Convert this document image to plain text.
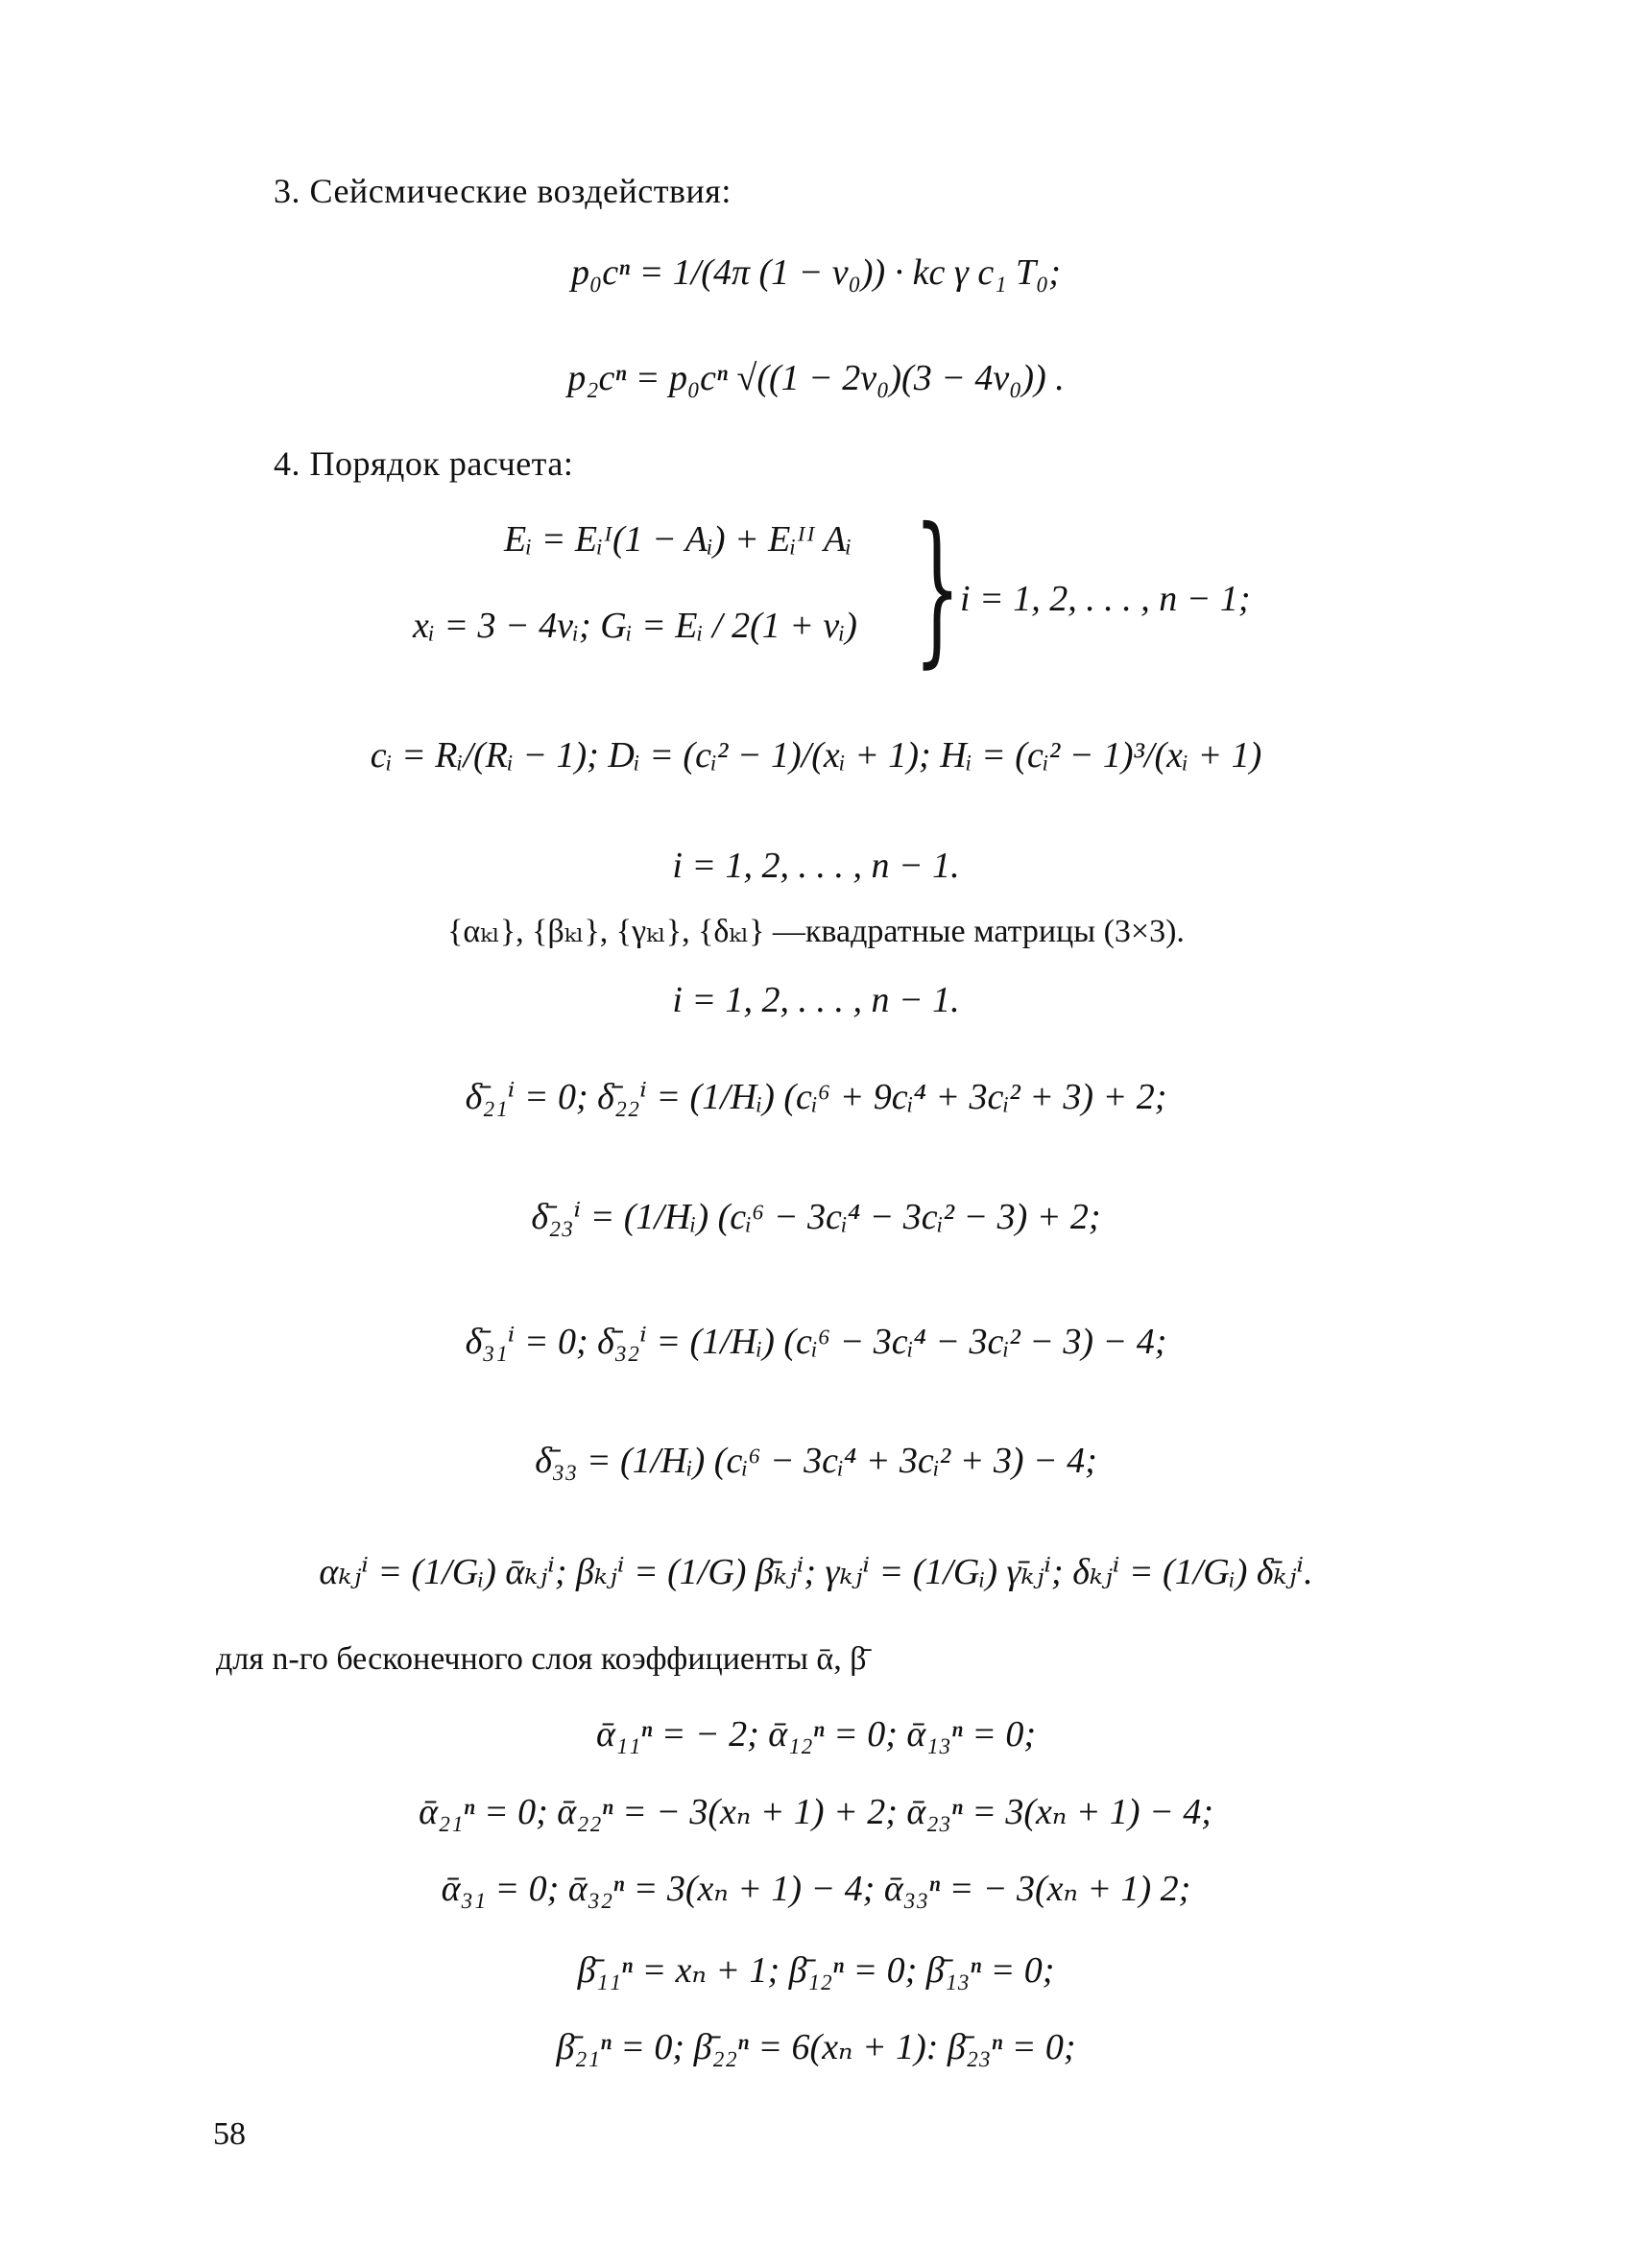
3. Сейсмические воздействия:
p₀cⁿ = 1/(4π (1 − ν₀)) · kc γ c₁ T₀;
p₂cⁿ = p₀cⁿ √((1 − 2ν₀)(3 − 4ν₀)) .
4. Порядок расчета:
Eᵢ = Eᵢᴵ(1 − Aᵢ) + Eᵢᴵᴵ Aᵢ
xᵢ = 3 − 4νᵢ; Gᵢ = Eᵢ / 2(1 + νᵢ) } i = 1, 2, . . . , n − 1;
cᵢ = Rᵢ/(Rᵢ − 1); Dᵢ = (cᵢ² − 1)/(xᵢ + 1); Hᵢ = (cᵢ² − 1)³/(xᵢ + 1)
i = 1, 2, . . . , n − 1.
{αₖₗ}, {βₖₗ}, {γₖₗ}, {δₖₗ} —квадратные матрицы (3×3).
i = 1, 2, . . . , n − 1.
δ̄₂₁ⁱ = 0; δ̄₂₂ⁱ = (1/Hᵢ) (cᵢ⁶ + 9cᵢ⁴ + 3cᵢ² + 3) + 2;
δ̄₂₃ⁱ = (1/Hᵢ) (cᵢ⁶ − 3cᵢ⁴ − 3cᵢ² − 3) + 2;
δ̄₃₁ⁱ = 0; δ̄₃₂ⁱ = (1/Hᵢ) (cᵢ⁶ − 3cᵢ⁴ − 3cᵢ² − 3) − 4;
δ̄₃₃ = (1/Hᵢ) (cᵢ⁶ − 3cᵢ⁴ + 3cᵢ² + 3) − 4;
αₖⱼⁱ = (1/Gᵢ) ᾱₖⱼⁱ; βₖⱼⁱ = (1/G) β̄ₖⱼⁱ; γₖⱼⁱ = (1/Gᵢ) γ̄ₖⱼⁱ; δₖⱼⁱ = (1/Gᵢ) δ̄ₖⱼⁱ.
для n-го бесконечного слоя коэффициенты ᾱ, β̄
ᾱ₁₁ⁿ = − 2; ᾱ₁₂ⁿ = 0; ᾱ₁₃ⁿ = 0;
ᾱ₂₁ⁿ = 0; ᾱ₂₂ⁿ = − 3(xₙ + 1) + 2; ᾱ₂₃ⁿ = 3(xₙ + 1) − 4;
ᾱ₃₁ = 0; ᾱ₃₂ⁿ = 3(xₙ + 1) − 4; ᾱ₃₃ⁿ = − 3(xₙ + 1) 2;
β̄₁₁ⁿ = xₙ + 1; β̄₁₂ⁿ = 0; β̄₁₃ⁿ = 0;
β̄₂₁ⁿ = 0; β̄₂₂ⁿ = 6(xₙ + 1): β̄₂₃ⁿ = 0;
58
